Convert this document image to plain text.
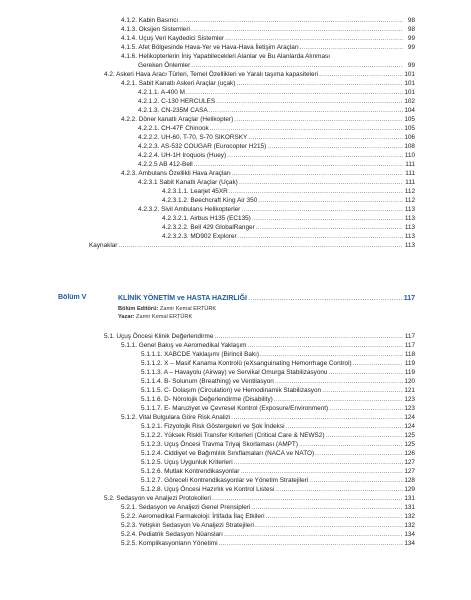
4.1.2. Kabin Basıncı .....	98
4.1.3. Oksijen Sistemleri .....	98
4.1.4. Uçuş Veri Kaydedici Sistemler .....	99
4.1.5. Afet Bölgesinde Hava-Yer ve Hava-Hava İletişim Araçları .....	99
4.1.6. Helikopterlerin İniş Yapabilecekleri Alanlar ve Bu Alanlarda Alınması
Gereken Önlemler .....	99
4.2. Askeri Hava Aracı Türleri, Temel Özellikleri ve Yaralı taşıma kapasiteleri .....	101
4.2.1. Sabit Kanatlı Askeri Araçlar (uçak) .....	101
4.2.1.1. A-400 M .....	101
4.2.1.2. C-130 HERCULES .....	102
4.2.1.3. CN-235M CASA .....	104
4.2.2. Döner kanatlı Araçlar (Helikopter) .....	105
4.2.2.1. CH-47F Chinook .....	105
4.2.2.2. UH-60, T-70, S-70 SIKORSKY .....	106
4.2.2.3. AS-532 COUGAR (Eurocopter H215) .....	108
4.2.2.4. UH-1H Iroquois (Huey) .....	110
4.2.2.5 AB 412-Bell .....	111
4.2.3. Ambulans Özellikli Hava Araçları .....	111
4.2.3.1 Sabit Kanatlı Araçlar (Uçak) .....	111
4.2.3.1.1. Learjet 45XR .....	112
4.2.3.1.2. Beechcraft King Air 350 .....	112
4.2.3.2. Sivil Ambulans Helikopterler .....	113
4.2.3.2.1. Airbus H135 (EC135) .....	113
4.2.3.2.2. Bell 429 GlobalRanger .....	113
4.2.3.2.3. MD902 Explorer .....	113
Kaynaklar .....	113
Bölüm V	KLİNİK YÖNETİM ve HASTA HAZIRLIĞI .....	117
Bölüm Editörü: Zamir Kemal ERTÜRK
Yazar: Zamir Kemal ERTÜRK
5.1. Uçuş Öncesi Klinik Değerlendirme .....	117
5.1.1. Genel Bakış ve Aeromedikal Yaklaşım .....	117
5.1.1.1. XABCDE Yaklaşımı (Birincil Bakı) .....	118
5.1.1.2. X – Masif Kanama Kontrolü (eXsanguinating Hemorrhage Control) .....	119
5.1.1.3. A – Havayolu (Airway) ve Servikal Omurga Stabilizasyonu .....	119
5.1.1.4. B- Solunum (Breathing) ve Ventilasyon .....	120
5.1.1.5. C- Dolaşım (Circulation) ve Hemodinamik Stabilizasyon .....	121
5.1.1.6. D- Nörolojik Değerlendirme (Disability) .....	123
5.1.1.7. E- Maruziyet ve Çevresel Kontrol (Exposure/Environment) .....	123
5.1.2. Vital Bulgulara Göre Risk Analizi .....	124
5.1.2.1. Fizyolojik Risk Göstergeleri ve Şok İndeksi .....	124
5.1.2.2. Yüksek Riskli Transfer Kriterleri (Critical Care & NEWS2) .....	125
5.1.2.3. Uçuş Öncesi Travma Triyaj Skorlaması (AMPT) .....	125
5.1.2.4. Ciddiyet ve Bağımlılık Sınıflamaları (NACA ve NATO) .....	126
5.1.2.5. Uçuş Uygunluk Kriterleri .....	127
5.1.2.6. Mutlak Kontrendikasyonlar .....	127
5.1.2.7. Göreceli Kontrendikasyonlar ve Yönetim Stratejileri .....	128
5.1.2.8. Uçuş Öncesi Hazırlık ve Kontrol Listesi .....	129
5.2. Sedasyon ve Analjezi Protokolleri .....	131
5.2.1. Sedasyon ve Analjezi Genel Prensipleri .....	131
5.2.2. Aeromedikal Farmakoloji: İrtifada İlaç Etkileri .....	132
5.2.3. Yetişkin Sedasyon Ve Analjezi Stratejileri .....	132
5.2.4. Pediatrik Sedasyon Nüansları .....	134
5.2.5. Komplikasyonların Yönetimi .....	134
